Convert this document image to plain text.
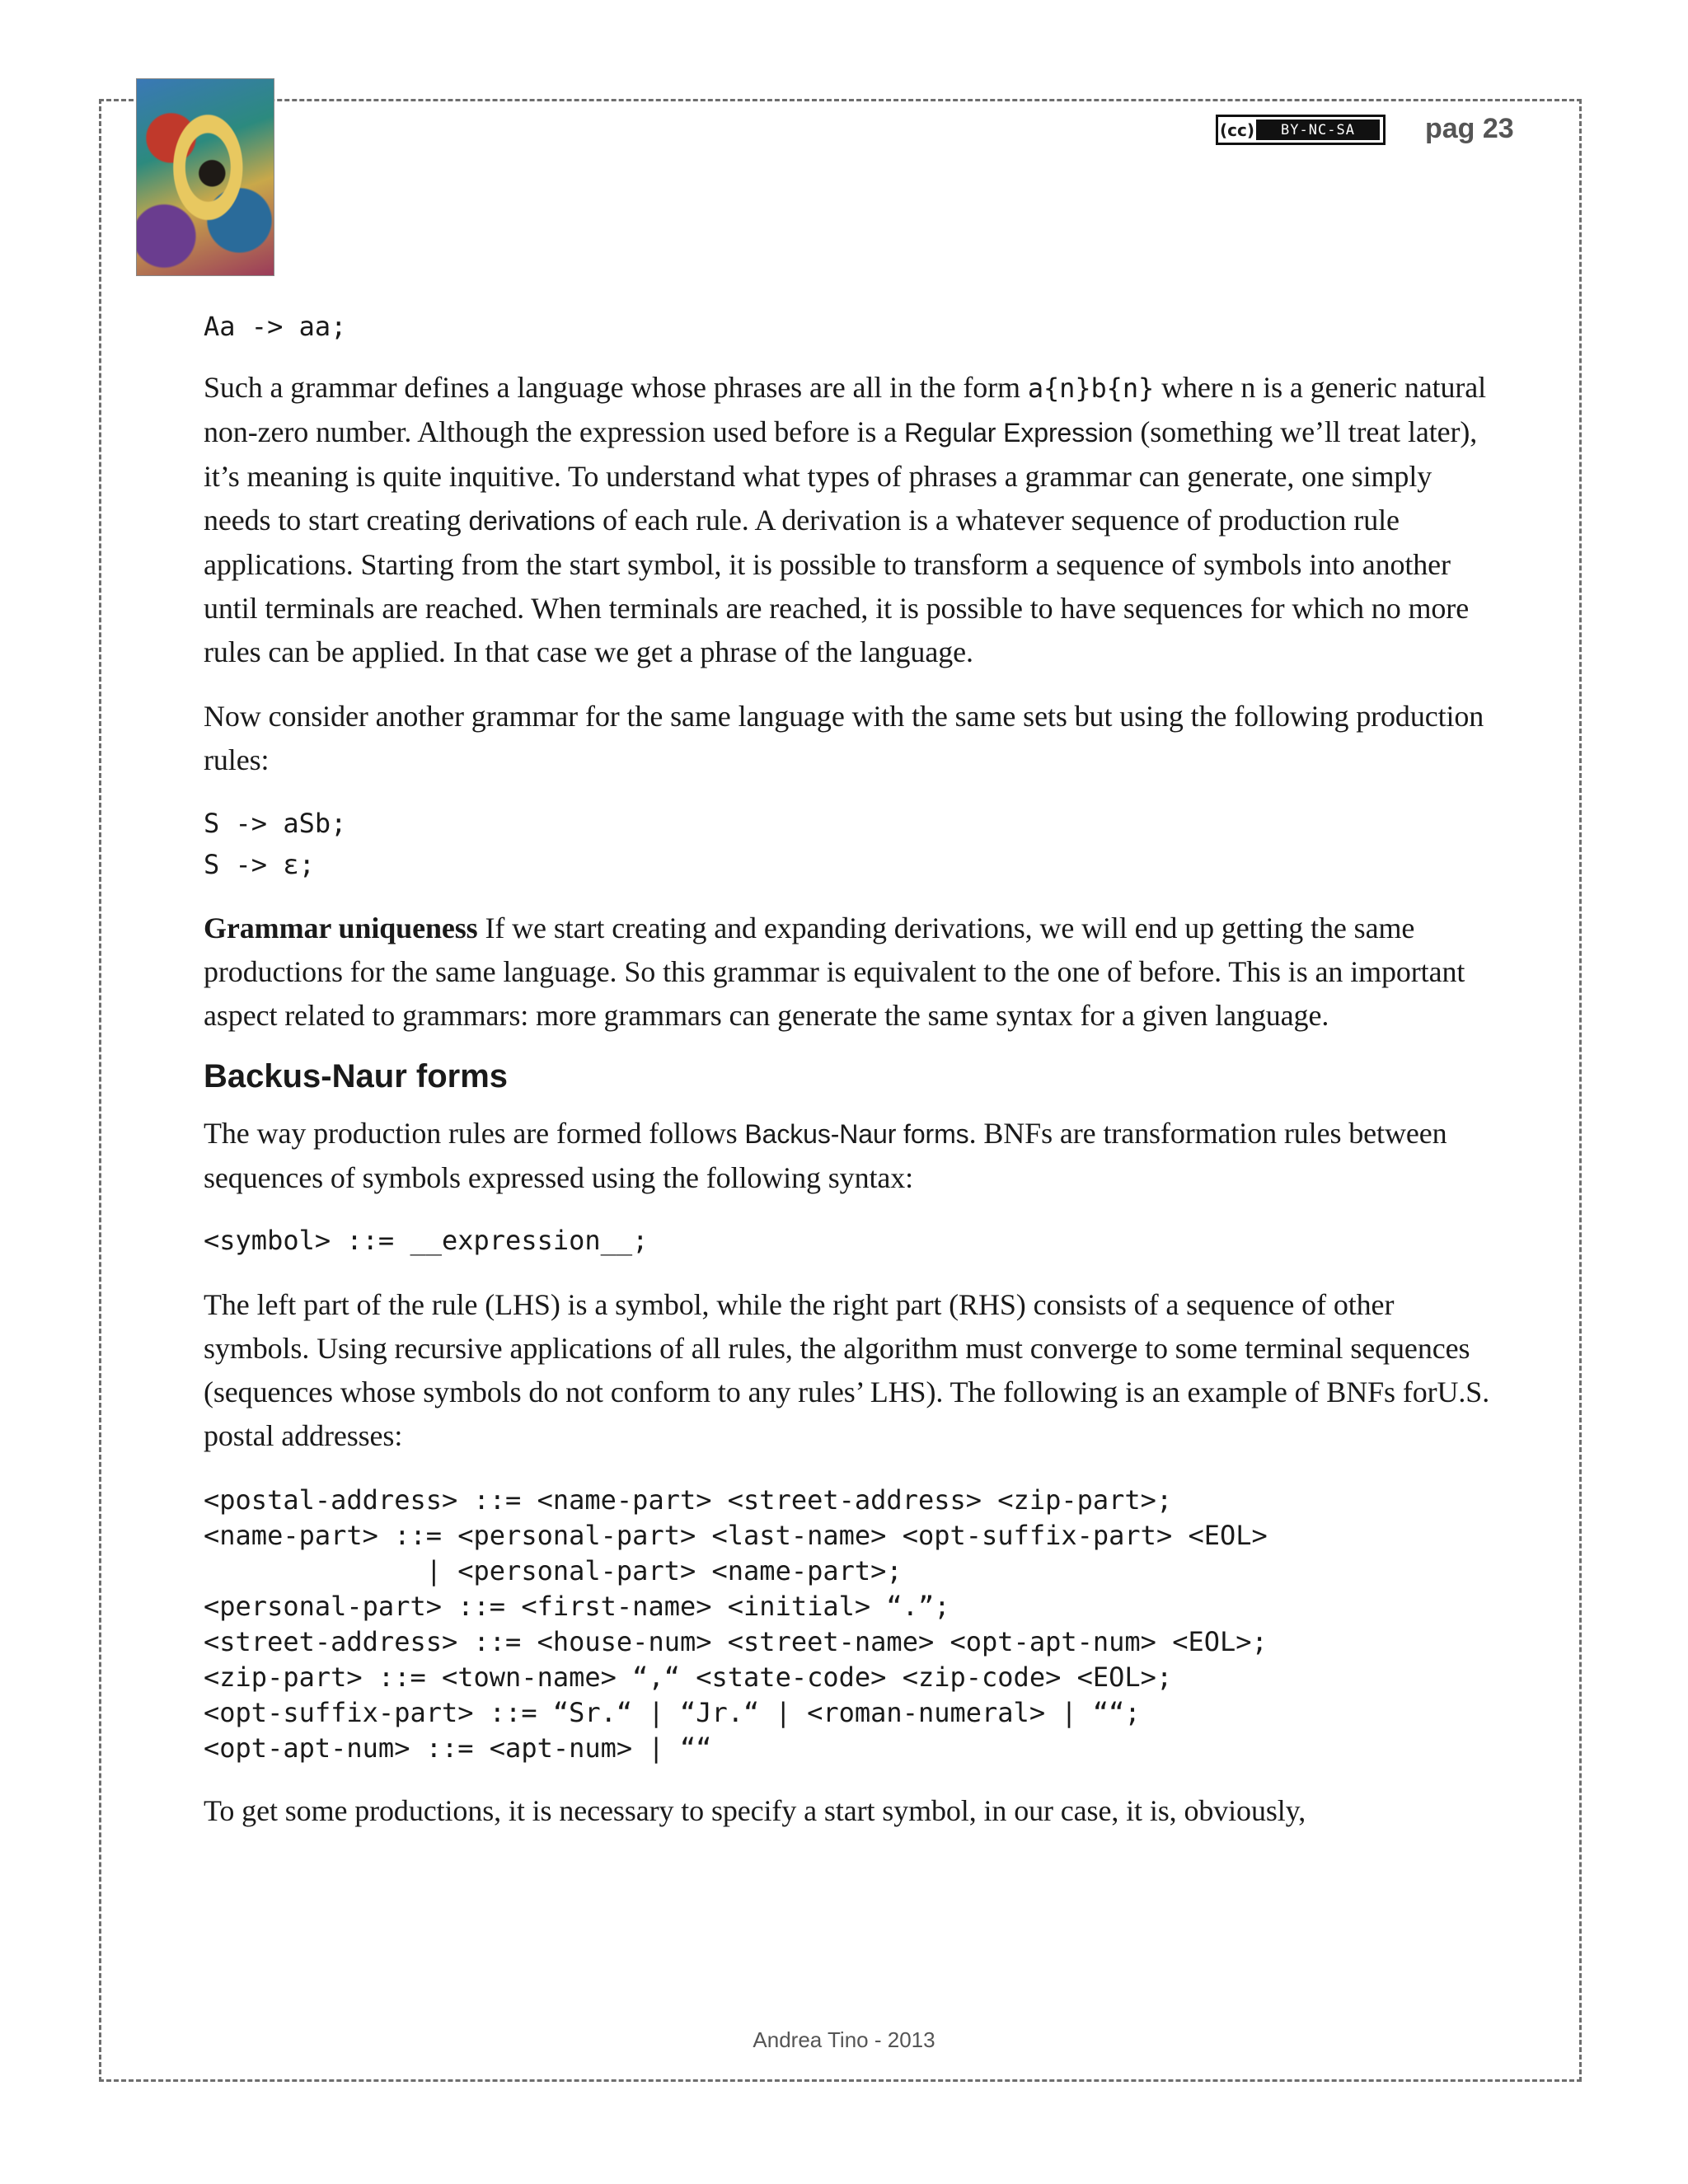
(cc)	BY-NC-SA	pag 23
Aa -> aa;

Such a grammar defines a language whose phrases are all in the form a{n}b{n} where n is a generic natural non-zero number. Although the expression used before is a Regular Expression (something we’ll treat later), it’s meaning is quite inquitive. To understand what types of phrases a grammar can generate, one simply needs to start creating derivations of each rule. A derivation is a whatever sequence of production rule applications. Starting from the start symbol, it is possible to transform a sequence of symbols into another until terminals are reached. When terminals are reached, it is possible to have sequences for which no more rules can be applied. In that case we get a phrase of the language.

Now consider another grammar for the same language with the same sets but using the following production rules:

S -> aSb;
S -> ε;

Grammar uniqueness If we start creating and expanding derivations, we will end up getting the same productions for the same language. So this grammar is equivalent to the one of before. This is an important aspect related to grammars: more grammars can generate the same syntax for a given language.

Backus-Naur forms

The way production rules are formed follows Backus-Naur forms. BNFs are transformation rules between sequences of symbols expressed using the following syntax:

<symbol> ::= __expression__;

The left part of the rule (LHS) is a symbol, while the right part (RHS) consists of a sequence of other symbols. Using recursive applications of all rules, the algorithm must converge to some terminal sequences (sequences whose symbols do not conform to any rules’ LHS). The following is an example of BNFs forU.S. postal addresses:

<postal-address> ::= <name-part> <street-address> <zip-part>;
<name-part> ::= <personal-part> <last-name> <opt-suffix-part> <EOL>
| <personal-part> <name-part>;
<personal-part> ::= <first-name> <initial> “.”;
<street-address> ::= <house-num> <street-name> <opt-apt-num> <EOL>;
<zip-part> ::= <town-name> “,“ <state-code> <zip-code> <EOL>;
<opt-suffix-part> ::= “Sr.“ | “Jr.“ | <roman-numeral> | ““;
<opt-apt-num> ::= <apt-num> | ““

To get some productions, it is necessary to specify a start symbol, in our case, it is, obviously,

Andrea Tino - 2013
